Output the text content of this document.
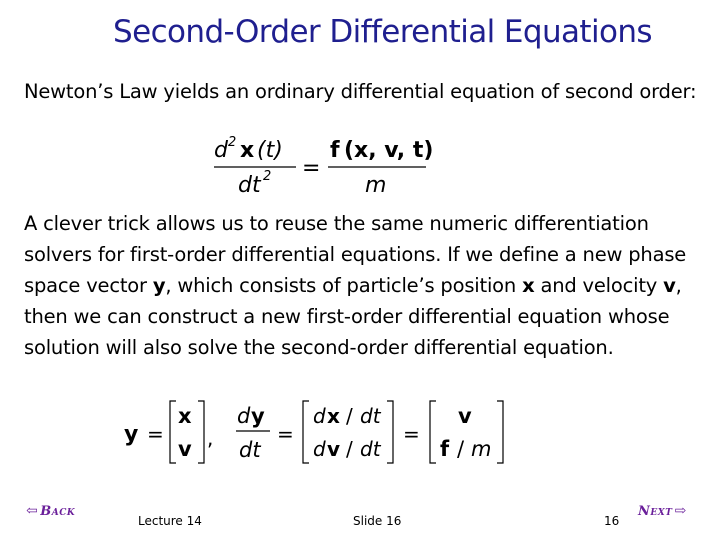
Second-Order Differential Equations
Newton’s Law yields an ordinary differential equation of second order:
d 2 x (t)
dt 2 =
f (x, v, t)
m
A clever trick allows us to reuse the same numeric differentiation solvers for first-order differential equations. If we define a new phase space vector y, which consists of particle’s position x and velocity v, then we can construct a new first-order differential equation whose solution will also solve the second-order differential equation.
y =
x
v ,
d y
dt
=
d x / dt
d v / dt
=
v
f / m
⇦ Back	Next ⇨
Lecture 14	Slide 16	16
